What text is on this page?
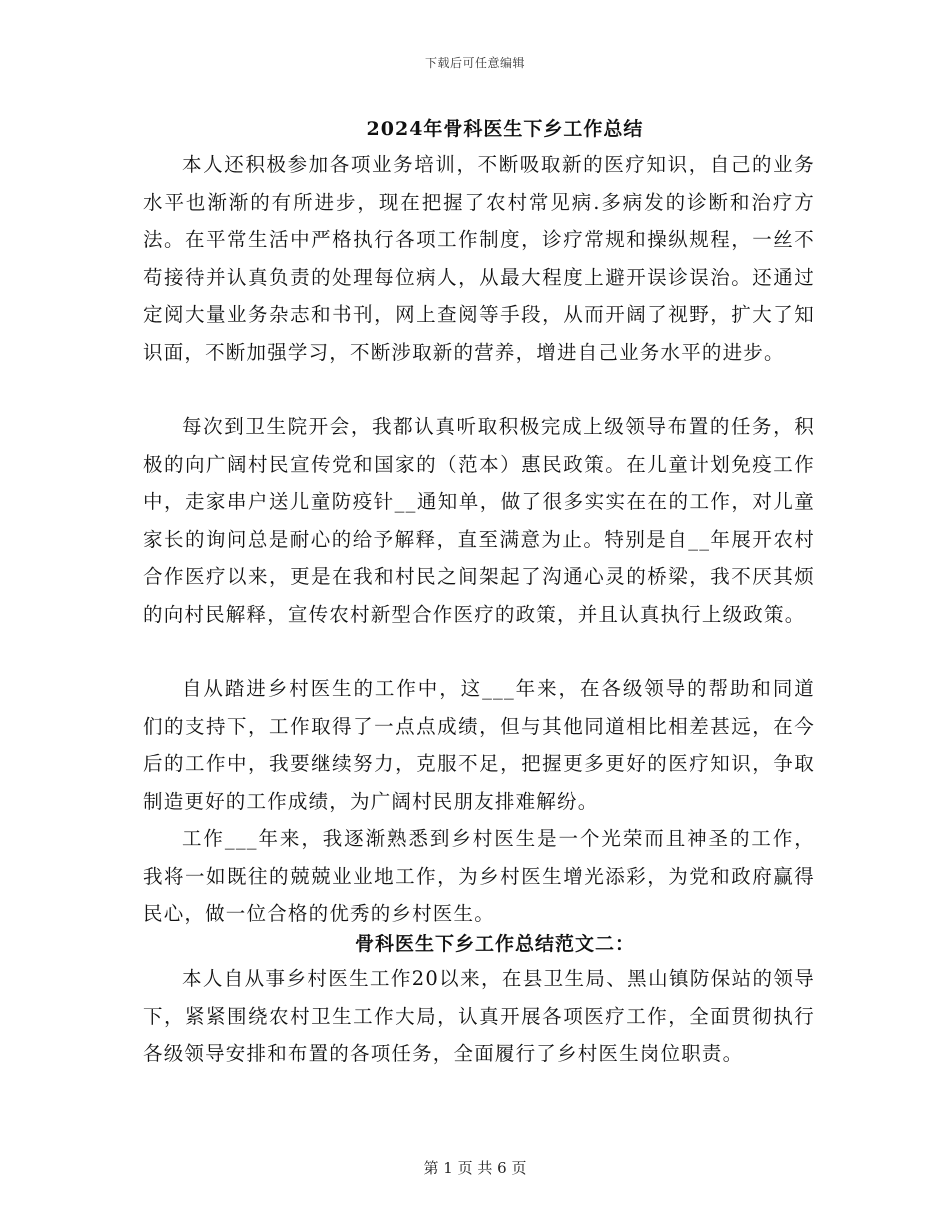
下载后可任意编辑
2024年骨科医生下乡工作总结

本人还积极参加各项业务培训，不断吸取新的医疗知识，自己的业务水平也渐渐的有所进步，现在把握了农村常见病.多病发的诊断和治疗方法。在平常生活中严格执行各项工作制度，诊疗常规和操纵规程，一丝不苟接待并认真负责的处理每位病人，从最大程度上避开误诊误治。还通过定阅大量业务杂志和书刊，网上查阅等手段，从而开阔了视野，扩大了知识面，不断加强学习，不断涉取新的营养，增进自己业务水平的进步。

每次到卫生院开会，我都认真听取积极完成上级领导布置的任务，积极的向广阔村民宣传党和国家的（范本）惠民政策。在儿童计划免疫工作中，走家串户送儿童防疫针__通知单，做了很多实实在在的工作，对儿童家长的询问总是耐心的给予解释，直至满意为止。特别是自__年展开农村合作医疗以来，更是在我和村民之间架起了沟通心灵的桥梁，我不厌其烦的向村民解释，宣传农村新型合作医疗的政策，并且认真执行上级政策。

自从踏进乡村医生的工作中，这___年来，在各级领导的帮助和同道们的支持下，工作取得了一点点成绩，但与其他同道相比相差甚远，在今后的工作中，我要继续努力，克服不足，把握更多更好的医疗知识，争取制造更好的工作成绩，为广阔村民朋友排难解纷。

工作___年来，我逐渐熟悉到乡村医生是一个光荣而且神圣的工作，我将一如既往的兢兢业业地工作，为乡村医生增光添彩，为党和政府赢得民心，做一位合格的优秀的乡村医生。

骨科医生下乡工作总结范文二：

本人自从事乡村医生工作20以来，在县卫生局、黑山镇防保站的领导下，紧紧围绕农村卫生工作大局，认真开展各项医疗工作，全面贯彻执行各级领导安排和布置的各项任务，全面履行了乡村医生岗位职责。

第 1 页 共 6 页
